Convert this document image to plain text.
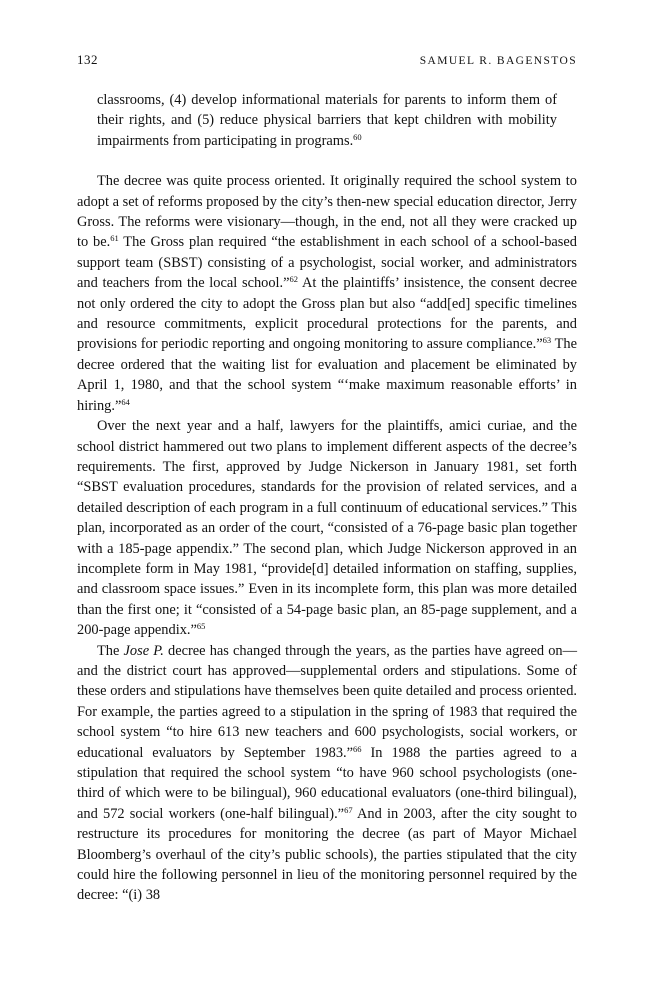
132	SAMUEL R. BAGENSTOS
classrooms, (4) develop informational materials for parents to inform them of their rights, and (5) reduce physical barriers that kept children with mobility impairments from participating in programs.$^{60}$

The decree was quite process oriented. It originally required the school system to adopt a set of reforms proposed by the city’s then-new special education director, Jerry Gross. The reforms were visionary—though, in the end, not all they were cracked up to be.$^{61}$ The Gross plan required “the establishment in each school of a school-based support team (SBST) consisting of a psychologist, social worker, and administrators and teachers from the local school.”$^{62}$ At the plaintiffs’ insistence, the consent decree not only ordered the city to adopt the Gross plan but also “add[ed] specific timelines and resource commitments, explicit procedural protections for the parents, and provisions for periodic reporting and ongoing monitoring to assure compliance.”$^{63}$ The decree ordered that the waiting list for evaluation and placement be eliminated by April 1, 1980, and that the school system “‘make maximum reasonable efforts’ in hiring.”$^{64}$

Over the next year and a half, lawyers for the plaintiffs, amici curiae, and the school district hammered out two plans to implement different aspects of the decree’s requirements. The first, approved by Judge Nickerson in January 1981, set forth “SBST evaluation procedures, standards for the provision of related services, and a detailed description of each program in a full continuum of educational services.” This plan, incorporated as an order of the court, “consisted of a 76-page basic plan together with a 185-page appendix.” The second plan, which Judge Nickerson approved in an incomplete form in May 1981, “provide[d] detailed information on staffing, supplies, and classroom space issues.” Even in its incomplete form, this plan was more detailed than the first one; it “consisted of a 54-page basic plan, an 85-page supplement, and a 200-page appendix.”$^{65}$

The Jose P. decree has changed through the years, as the parties have agreed on—and the district court has approved—supplemental orders and stipulations. Some of these orders and stipulations have themselves been quite detailed and process oriented. For example, the parties agreed to a stipulation in the spring of 1983 that required the school system “to hire 613 new teachers and 600 psychologists, social workers, or educational evaluators by September 1983.”$^{66}$ In 1988 the parties agreed to a stipulation that required the school system “to have 960 school psychologists (one-third of which were to be bilingual), 960 educational evaluators (one-third bilingual), and 572 social workers (one-half bilingual).”$^{67}$ And in 2003, after the city sought to restructure its procedures for monitoring the decree (as part of Mayor Michael Bloomberg’s overhaul of the city’s public schools), the parties stipulated that the city could hire the following personnel in lieu of the monitoring personnel required by the decree: “(i) 38
